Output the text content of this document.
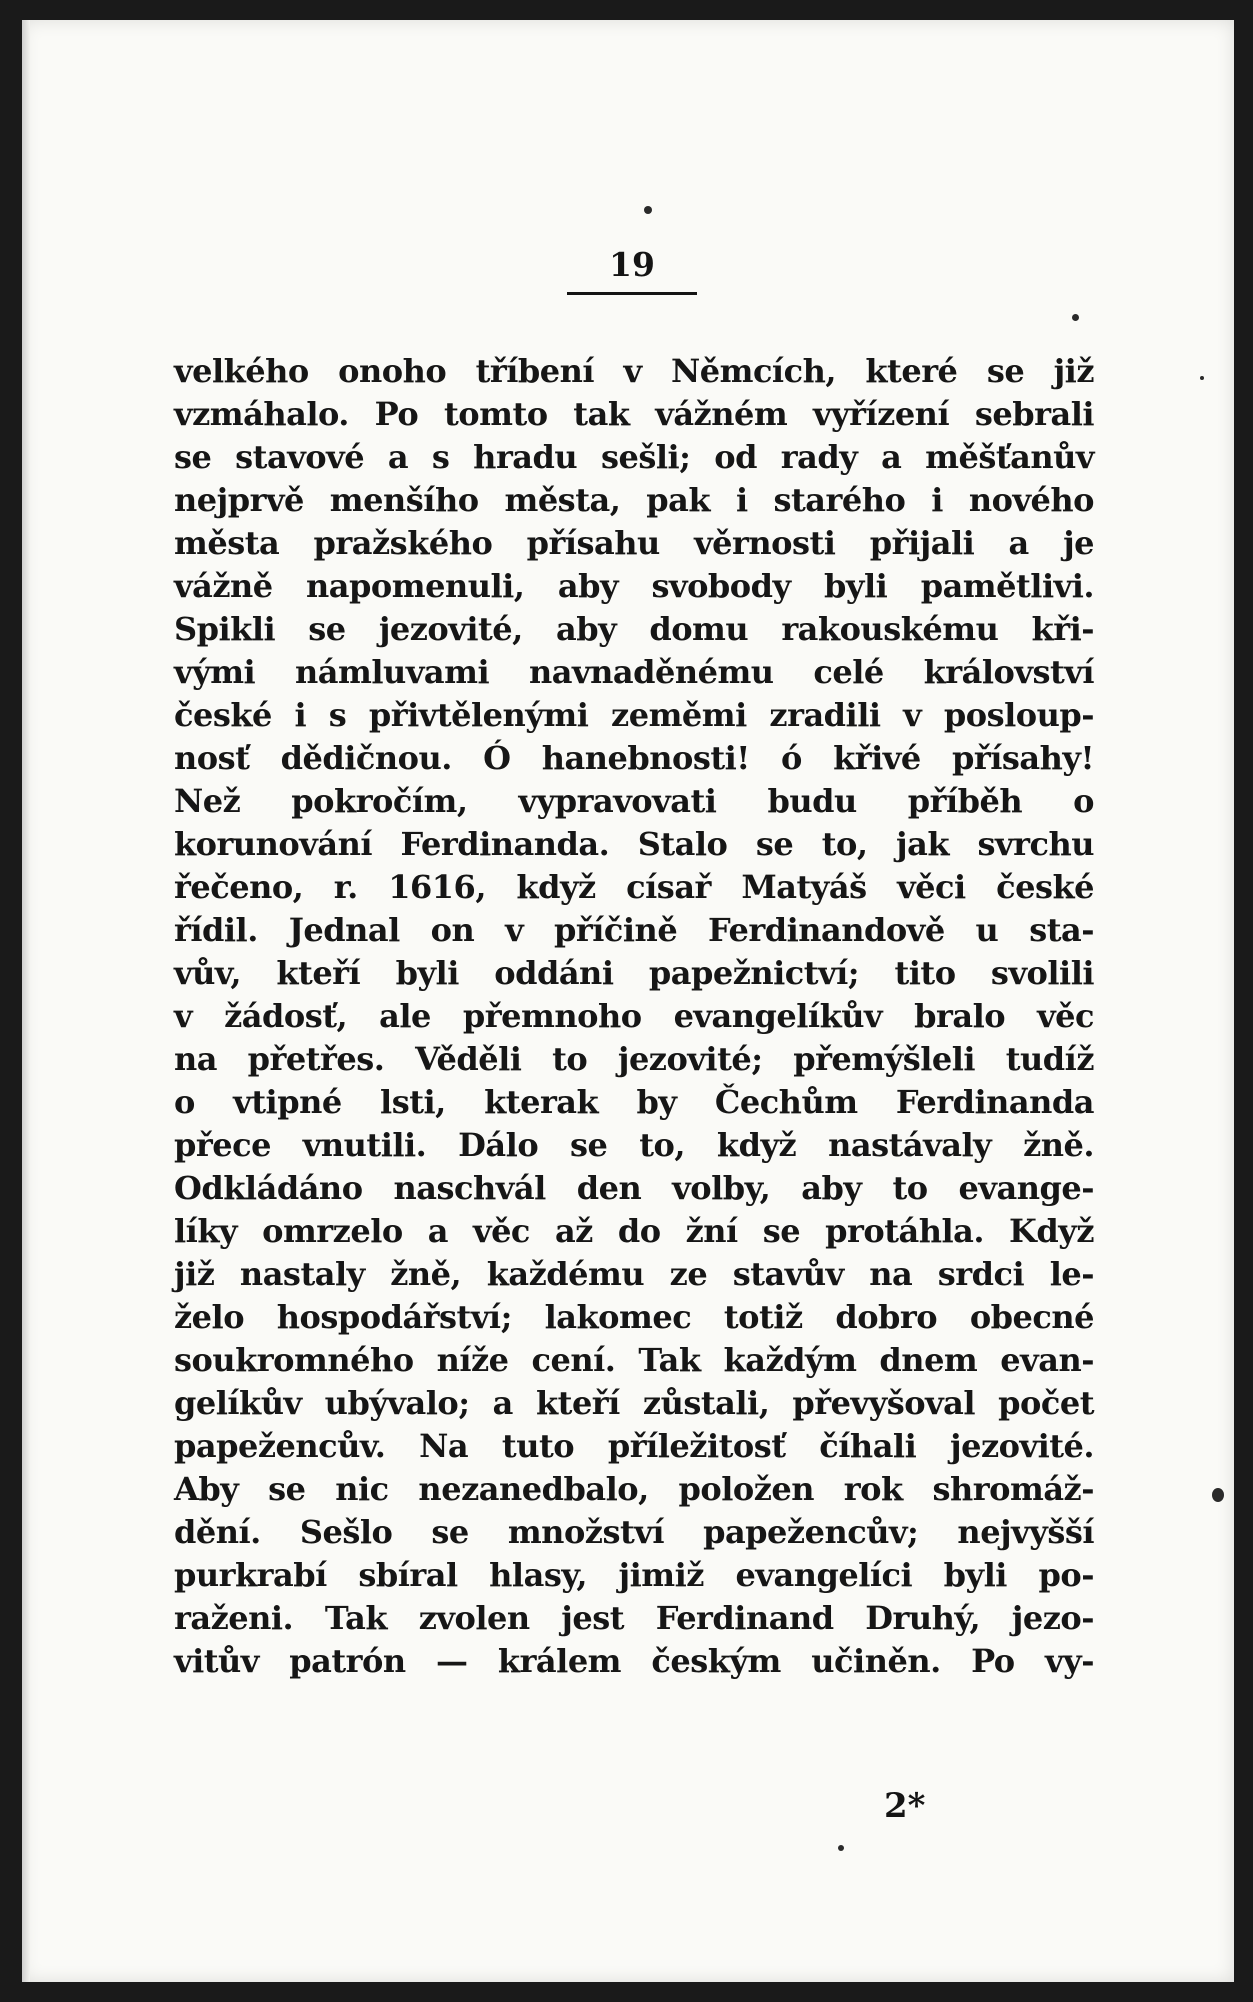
19
velkého onoho tříbení v Němcích, které se již
vzmáhalo. Po tomto tak vážném vyřízení sebrali
se stavové a s hradu sešli; od rady a měšťanův
nejprvě menšího města, pak i starého i nového
města pražského přísahu věrnosti přijali a je
vážně napomenuli, aby svobody byli pamětlivi.
Spikli se jezovité, aby domu rakouskému kři-
vými námluvami navnaděnému celé království
české i s přivtělenými zeměmi zradili v posloup-
nosť dědičnou. Ó hanebnosti! ó křivé přísahy!
Než pokročím, vypravovati budu příběh o
korunování Ferdinanda. Stalo se to, jak svrchu
řečeno, r. 1616, když císař Matyáš věci české
řídil. Jednal on v příčině Ferdinandově u sta-
vův, kteří byli oddáni papežnictví; tito svolili
v žádosť, ale přemnoho evangelíkův bralo věc
na přetřes. Věděli to jezovité; přemýšleli tudíž
o vtipné lsti, kterak by Čechům Ferdinanda
přece vnutili. Dálo se to, když nastávaly žně.
Odkládáno naschvál den volby, aby to evange-
líky omrzelo a věc až do žní se protáhla. Když
již nastaly žně, každému ze stavův na srdci le-
želo hospodářství; lakomec totiž dobro obecné
soukromného níže cení. Tak každým dnem evan-
gelíkův ubývalo; a kteří zůstali, převyšoval počet
papežencův. Na tuto příležitosť číhali jezovité.
Aby se nic nezanedbalo, položen rok shromáž-
dění. Sešlo se množství papežencův; nejvyšší
purkrabí sbíral hlasy, jimiž evangelíci byli po-
raženi. Tak zvolen jest Ferdinand Druhý, jezo-
vitův patrón — králem českým učiněn. Po vy-
2*
